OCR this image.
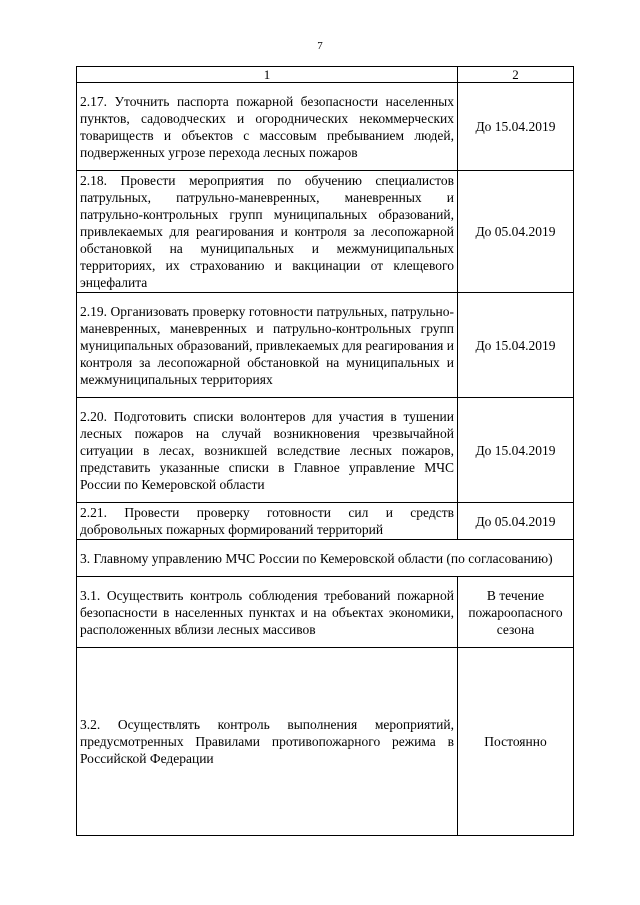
7
1	2
2.17. Уточнить паспорта пожарной безопасности населенных пунктов, садоводческих и огороднических некоммерческих товариществ и объектов с массовым пребыванием людей, подверженных угрозе перехода лесных пожаров	До 15.04.2019
2.18. Провести мероприятия по обучению специалистов патрульных, патрульно-маневренных, маневренных и патрульно-контрольных групп муниципальных образований, привлекаемых для реагирования и контроля за лесопожарной обстановкой на муниципальных и межмуниципальных территориях, их страхованию и вакцинации от клещевого энцефалита	До 05.04.2019
2.19. Организовать проверку готовности патрульных, патрульно-маневренных, маневренных и патрульно-контрольных групп муниципальных образований, привлекаемых для реагирования и контроля за лесопожарной обстановкой на муниципальных и межмуниципальных территориях	До 15.04.2019
2.20. Подготовить списки волонтеров для участия в тушении лесных пожаров на случай возникновения чрезвычайной ситуации в лесах, возникшей вследствие лесных пожаров, представить указанные списки в Главное управление МЧС России по Кемеровской области	До 15.04.2019
2.21. Провести проверку готовности сил и средств добровольных пожарных формирований территорий	До 05.04.2019
3. Главному управлению МЧС России по Кемеровской области (по согласованию)	
3.1. Осуществить контроль соблюдения требований пожарной безопасности в населенных пунктах и на объектах экономики, расположенных вблизи лесных массивов	В течение пожароопасного сезона
3.2. Осуществлять контроль выполнения мероприятий, предусмотренных Правилами противопожарного режима в Российской Федерации	Постоянно
